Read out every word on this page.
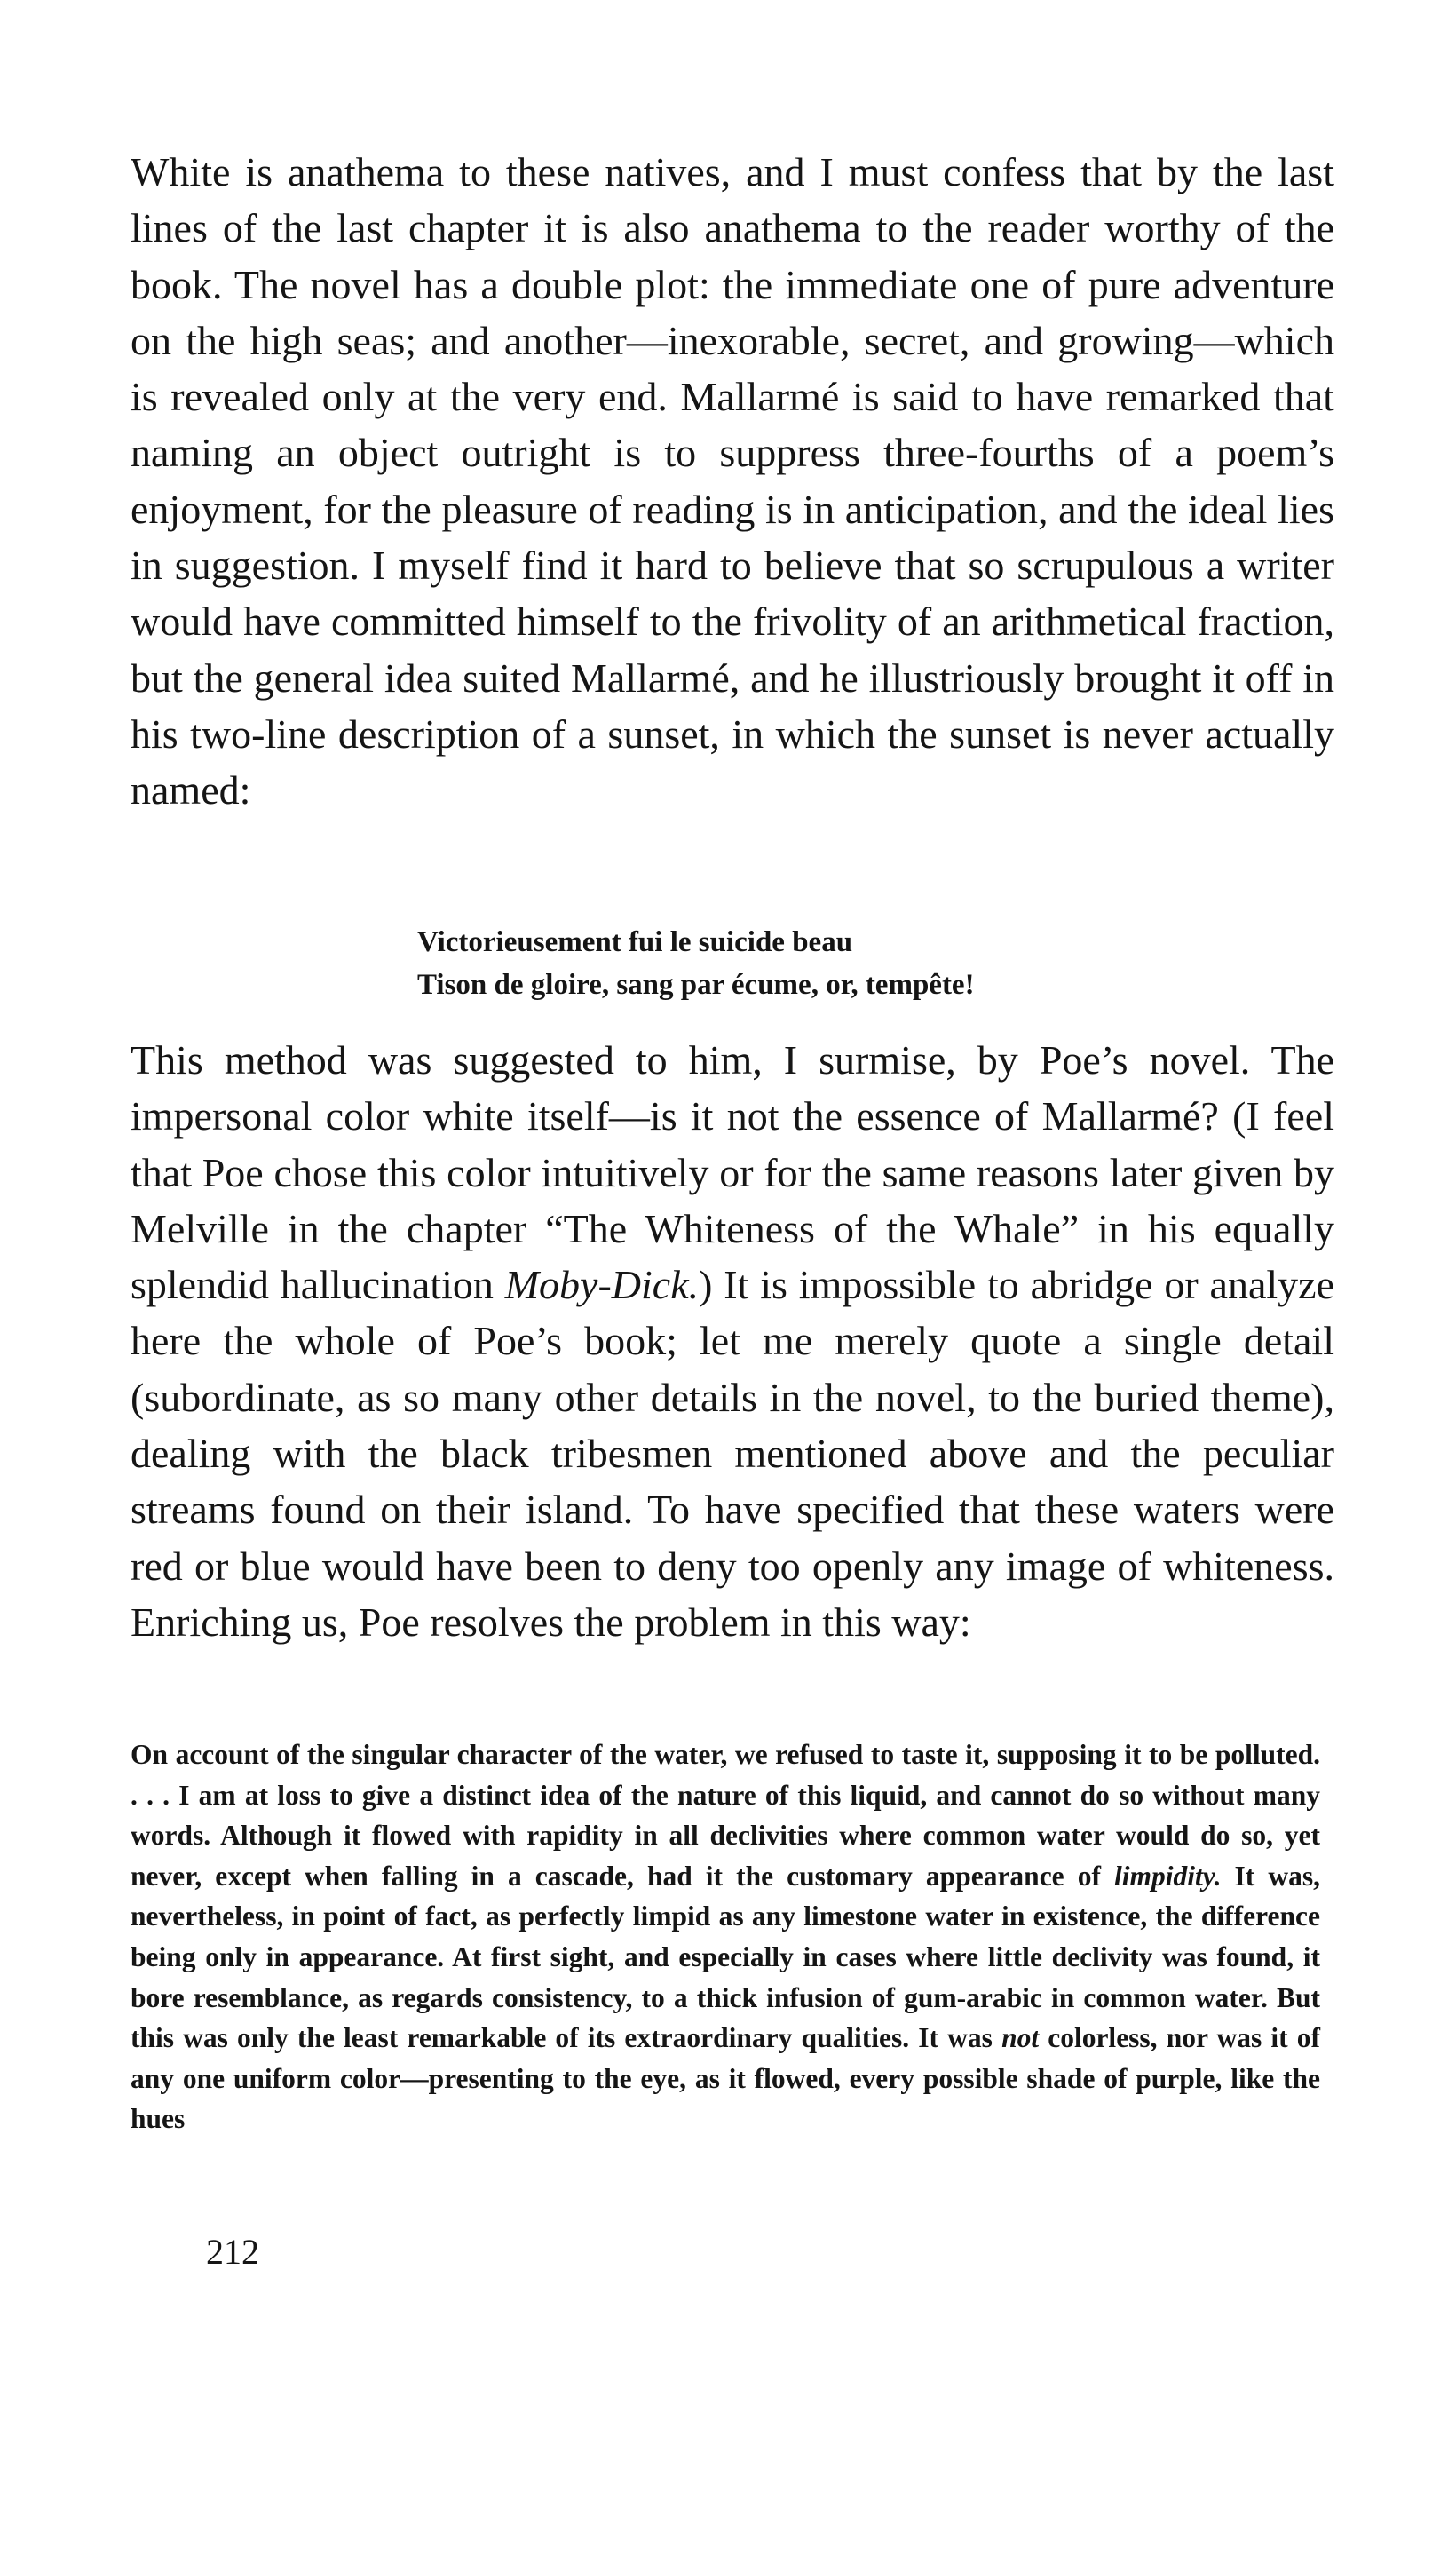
White is anathema to these natives, and I must confess that by the last lines of the last chapter it is also anathema to the reader worthy of the book. The novel has a double plot: the immediate one of pure adventure on the high seas; and another—inexorable, secret, and growing—which is revealed only at the very end. Mallarmé is said to have remarked that naming an object outright is to suppress three-fourths of a poem’s enjoyment, for the pleasure of reading is in anticipation, and the ideal lies in suggestion. I myself find it hard to believe that so scrupulous a writer would have committed himself to the frivolity of an arithmetical fraction, but the general idea suited Mallarmé, and he illustriously brought it off in his two-line description of a sunset, in which the sunset is never actually named:

Victorieusement fui le suicide beau
Tison de gloire, sang par écume, or, tempête!

This method was suggested to him, I surmise, by Poe’s novel. The impersonal color white itself—is it not the essence of Mallarmé? (I feel that Poe chose this color intuitively or for the same reasons later given by Melville in the chapter “The Whiteness of the Whale” in his equally splendid hallucination Moby-Dick.) It is impossible to abridge or analyze here the whole of Poe’s book; let me merely quote a single detail (subordinate, as so many other details in the novel, to the buried theme), dealing with the black tribesmen mentioned above and the peculiar streams found on their island. To have specified that these waters were red or blue would have been to deny too openly any image of whiteness. Enriching us, Poe resolves the problem in this way:

On account of the singular character of the water, we refused to taste it, supposing it to be polluted. . . . I am at loss to give a distinct idea of the nature of this liquid, and cannot do so without many words. Although it flowed with rapidity in all declivities where common water would do so, yet never, except when falling in a cascade, had it the customary appearance of limpidity. It was, nevertheless, in point of fact, as perfectly limpid as any limestone water in existence, the difference being only in appearance. At first sight, and especially in cases where little declivity was found, it bore resemblance, as regards consistency, to a thick infusion of gum-arabic in common water. But this was only the least remarkable of its extraordinary qualities. It was not colorless, nor was it of any one uniform color—presenting to the eye, as it flowed, every possible shade of purple, like the hues

212
